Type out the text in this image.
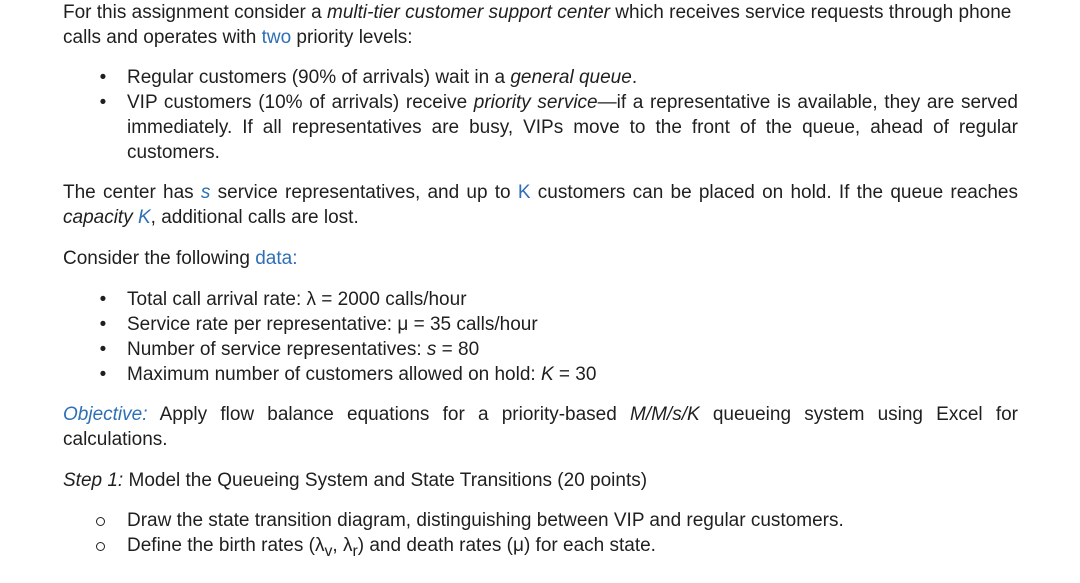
For this assignment consider a multi-tier customer support center which receives service requests through phone calls and operates with two priority levels:

•	Regular customers (90% of arrivals) wait in a general queue.
•	VIP customers (10% of arrivals) receive priority service—if a representative is available, they are served immediately. If all representatives are busy, VIPs move to the front of the queue, ahead of regular customers.

The center has s service representatives, and up to K customers can be placed on hold. If the queue reaches capacity K, additional calls are lost.

Consider the following data:

•	Total call arrival rate: λ = 2000 calls/hour
•	Service rate per representative: μ = 35 calls/hour
•	Number of service representatives: s = 80
•	Maximum number of customers allowed on hold: K = 30

Objective: Apply flow balance equations for a priority-based M/M/s/K queueing system using Excel for calculations.

Step 1: Model the Queueing System and State Transitions (20 points)

Draw the state transition diagram, distinguishing between VIP and regular customers.
Define the birth rates ($\lambda_v$, $\lambda_r$) and death rates (μ) for each state.
